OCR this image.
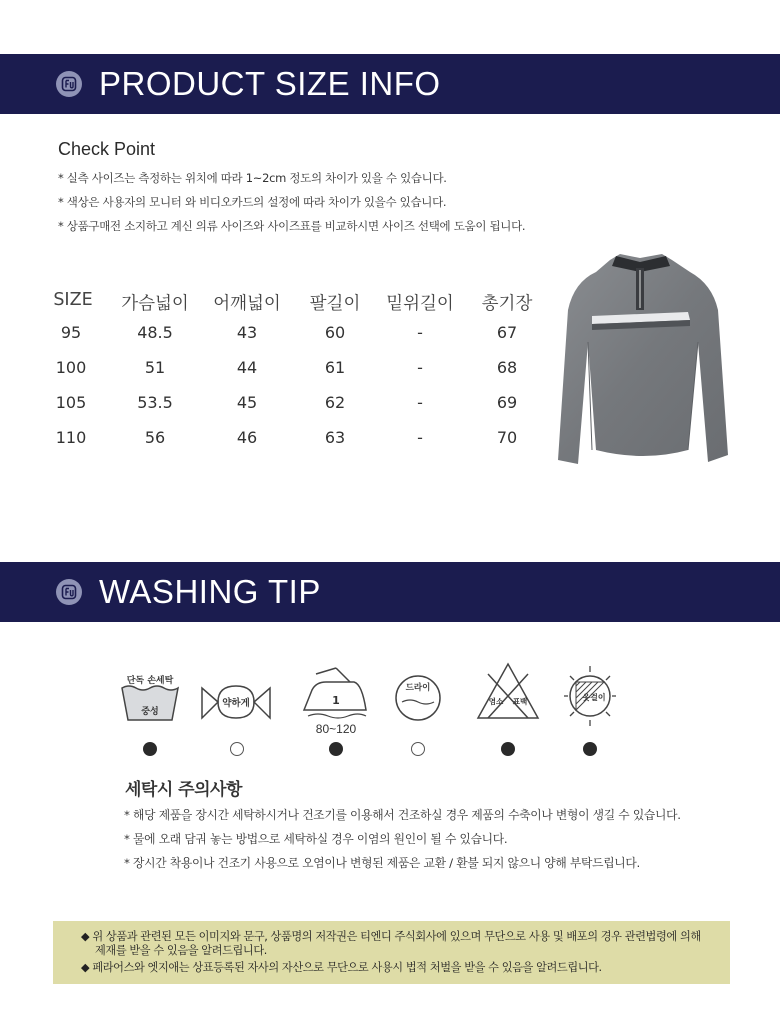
PRODUCT SIZE INFO
Check Point
* 실측 사이즈는 측정하는 위치에 따라 1~2cm 정도의 차이가 있을 수 있습니다.
* 색상은 사용자의 모니터 와 비디오카드의 설정에 따라 차이가 있을수 있습니다.
* 상품구매전 소지하고 계신 의류 사이즈와 사이즈표를 비교하시면 사이즈 선택에 도움이 됩니다.
SIZE	가슴넓이	어깨넓이	팔길이	밑위길이	총기장
95	48.5	43	60	-	67
100	51	44	61	-	68
105	53.5	45	62	-	69
110	56	46	63	-	70
WASHING TIP
단독 손세탁
중성
약하게	1
80~120
드라이
염소 표백	옷걸이
세탁시 주의사항
* 해당 제품을 장시간 세탁하시거나 건조기를 이용해서 건조하실 경우 제품의 수축이나 변형이 생길 수 있습니다.
* 물에 오래 담궈 놓는 방법으로 세탁하실 경우 이염의 원인이 될 수 있습니다.
* 장시간 착용이나 건조기 사용으로 오염이나 변형된 제품은 교환 / 환불 되지 않으니 양해 부탁드립니다.
◆ 위 상품과 관련된 모든 이미지와 문구, 상품명의 저작권은 티엔디 주식회사에 있으며 무단으로 사용 및 배포의 경우 관련법령에 의해
제재를 받을 수 있음을 알려드립니다.
◆ 페라어스와 엣지애는 상표등록된 자사의 자산으로 무단으로 사용시 법적 처벌을 받을 수 있음을 알려드립니다.
